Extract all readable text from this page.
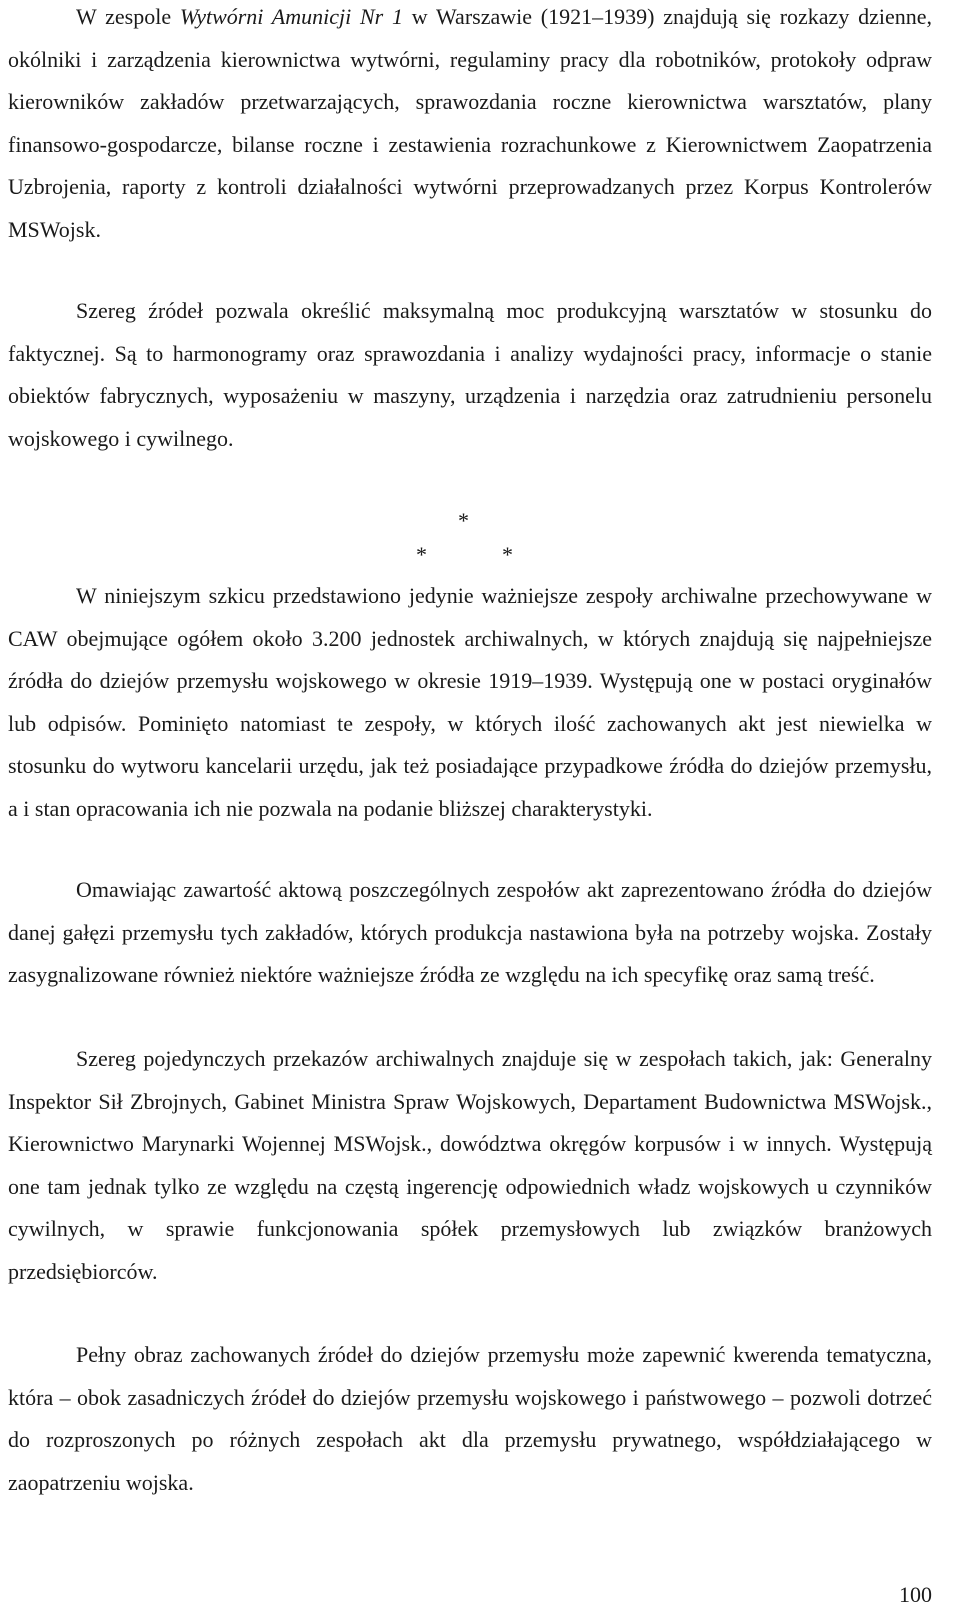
W zespole Wytwórni Amunicji Nr 1 w Warszawie (1921–1939) znajdują się rozkazy dzienne, okólniki i zarządzenia kierownictwa wytwórni, regulaminy pracy dla robotników, protokoły odpraw kierowników zakładów przetwarzających, sprawozdania roczne kierownictwa warsztatów, plany finansowo-gospodarcze, bilanse roczne i zestawienia rozrachunkowe z Kierownictwem Zaopatrzenia Uzbrojenia, raporty z kontroli działalności wytwórni przeprowadzanych przez Korpus Kontrolerów MSWojsk.

Szereg źródeł pozwala określić maksymalną moc produkcyjną warsztatów w stosunku do faktycznej. Są to harmonogramy oraz sprawozdania i analizy wydajności pracy, informacje o stanie obiektów fabrycznych, wyposażeniu w maszyny, urządzenia i narzędzia oraz zatrudnieniu personelu wojskowego i cywilnego.

*
*	*

W niniejszym szkicu przedstawiono jedynie ważniejsze zespoły archiwalne przechowywane w CAW obejmujące ogółem około 3.200 jednostek archiwalnych, w których znajdują się najpełniejsze źródła do dziejów przemysłu wojskowego w okresie 1919–1939. Występują one w postaci oryginałów lub odpisów. Pominięto natomiast te zespoły, w których ilość zachowanych akt jest niewielka w stosunku do wytworu kancelarii urzędu, jak też posiadające przypadkowe źródła do dziejów przemysłu, a i stan opracowania ich nie pozwala na podanie bliższej charakterystyki.

Omawiając zawartość aktową poszczególnych zespołów akt zaprezentowano źródła do dziejów danej gałęzi przemysłu tych zakładów, których produkcja nastawiona była na potrzeby wojska. Zostały zasygnalizowane również niektóre ważniejsze źródła ze względu na ich specyfikę oraz samą treść.

Szereg pojedynczych przekazów archiwalnych znajduje się w zespołach takich, jak: Generalny Inspektor Sił Zbrojnych, Gabinet Ministra Spraw Wojskowych, Departament Budownictwa MSWojsk., Kierownictwo Marynarki Wojennej MSWojsk., dowództwa okręgów korpusów i w innych. Występują one tam jednak tylko ze względu na częstą ingerencję odpowiednich władz wojskowych u czynników cywilnych, w sprawie funkcjonowania spółek przemysłowych lub związków branżowych przedsiębiorców.

Pełny obraz zachowanych źródeł do dziejów przemysłu może zapewnić kwerenda tematyczna, która – obok zasadniczych źródeł do dziejów przemysłu wojskowego i państwowego – pozwoli dotrzeć do rozproszonych po różnych zespołach akt dla przemysłu prywatnego, współdziałającego w zaopatrzeniu wojska.

100
